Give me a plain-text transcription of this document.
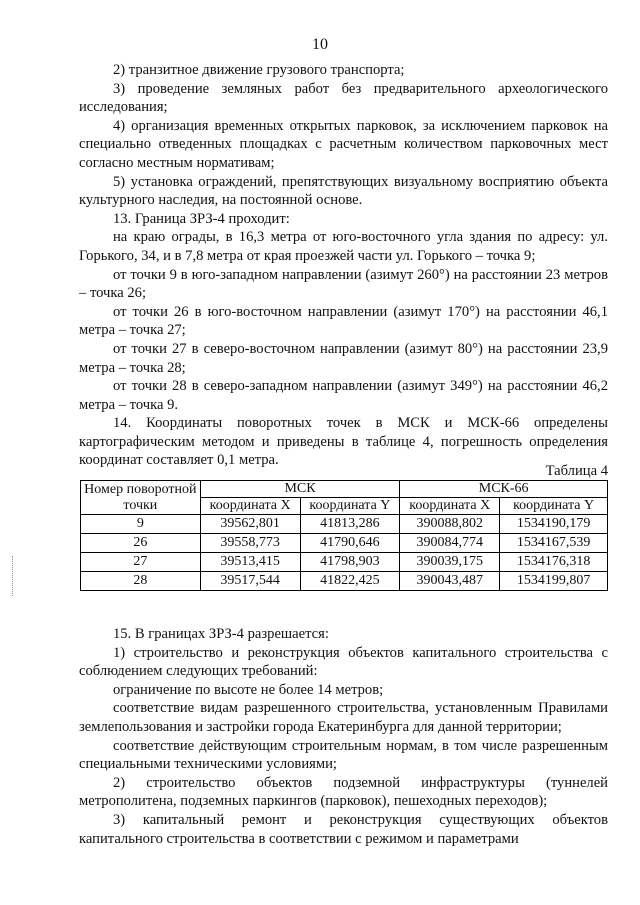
10

2) транзитное движение грузового транспорта;

3) проведение земляных работ без предварительного археологического исследования;

4) организация временных открытых парковок, за исключением парковок на специально отведенных площадках с расчетным количеством парковочных мест согласно местным нормативам;

5) установка ограждений, препятствующих визуальному восприятию объекта культурного наследия, на постоянной основе.

13. Граница ЗРЗ-4 проходит:

на краю ограды, в 16,3 метра от юго-восточного угла здания по адресу: ул. Горького, 34, и в 7,8 метра от края проезжей части ул. Горького – точка 9;

от точки 9 в юго-западном направлении (азимут 260°) на расстоянии 23 метров – точка 26;

от точки 26 в юго-восточном направлении (азимут 170°) на расстоянии 46,1 метра – точка 27;

от точки 27 в северо-восточном направлении (азимут 80°) на расстоянии 23,9 метра – точка 28;

от точки 28 в северо-западном направлении (азимут 349°) на расстоянии 46,2 метра – точка 9.

14. Координаты поворотных точек в МСК и МСК-66 определены картографическим методом и приведены в таблице 4, погрешность определения координат составляет 0,1 метра.

Таблица 4
Номер поворотной точки	МСК		МСК-66	
	координата X	координата Y	координата X	координата Y
9	39562,801	41813,286	390088,802	1534190,179
26	39558,773	41790,646	390084,774	1534167,539
27	39513,415	41798,903	390039,175	1534176,318
28	39517,544	41822,425	390043,487	1534199,807

15. В границах ЗРЗ-4 разрешается:

1) строительство и реконструкция объектов капитального строительства с соблюдением следующих требований:

ограничение по высоте не более 14 метров;

соответствие видам разрешенного строительства, установленным Правилами землепользования и застройки города Екатеринбурга для данной территории;

соответствие действующим строительным нормам, в том числе разрешенным специальными техническими условиями;

2) строительство объектов подземной инфраструктуры (туннелей метрополитена, подземных паркингов (парковок), пешеходных переходов);

3) капитальный ремонт и реконструкция существующих объектов капитального строительства в соответствии с режимом и параметрами
